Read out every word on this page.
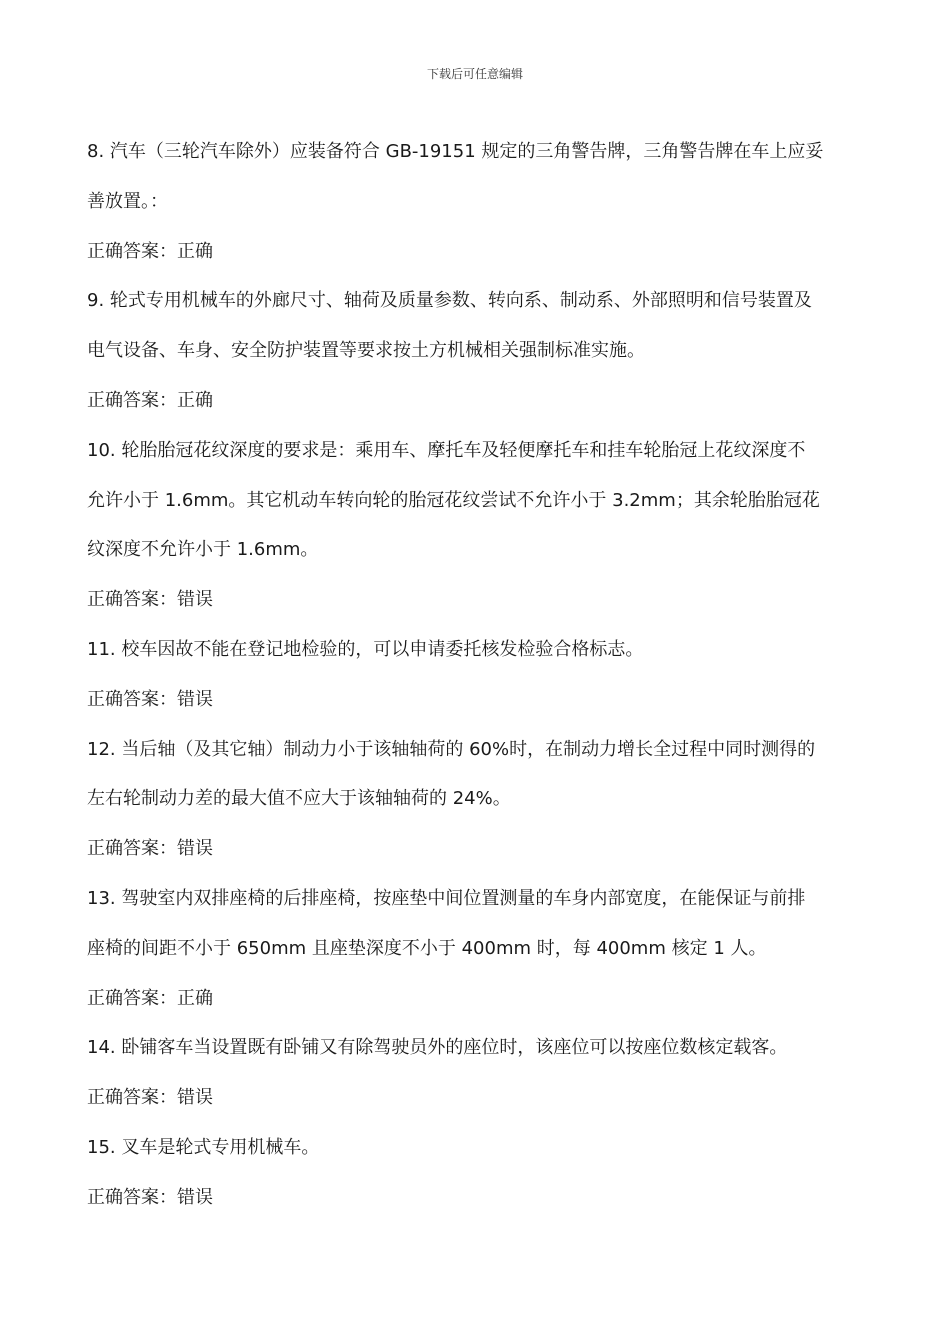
下载后可任意编辑
8. 汽车（三轮汽车除外）应装备符合 GB-19151 规定的三角警告牌，三角警告牌在车上应妥
善放置。：
正确答案：正确
9. 轮式专用机械车的外廊尺寸、轴荷及质量参数、转向系、制动系、外部照明和信号装置及
电气设备、车身、安全防护装置等要求按土方机械相关强制标准实施。
正确答案：正确
10. 轮胎胎冠花纹深度的要求是：乘用车、摩托车及轻便摩托车和挂车轮胎冠上花纹深度不
允许小于 1.6mm。其它机动车转向轮的胎冠花纹尝试不允许小于 3.2mm；其余轮胎胎冠花
纹深度不允许小于 1.6mm。
正确答案：错误
11. 校车因故不能在登记地检验的，可以申请委托核发检验合格标志。
正确答案：错误
12. 当后轴（及其它轴）制动力小于该轴轴荷的 60%时，在制动力增长全过程中同时测得的
左右轮制动力差的最大值不应大于该轴轴荷的 24%。
正确答案：错误
13. 驾驶室内双排座椅的后排座椅，按座垫中间位置测量的车身内部宽度，在能保证与前排
座椅的间距不小于 650mm 且座垫深度不小于 400mm 时，每 400mm 核定 1 人。
正确答案：正确
14. 卧铺客车当设置既有卧铺又有除驾驶员外的座位时，该座位可以按座位数核定载客。
正确答案：错误
15. 叉车是轮式专用机械车。
正确答案：错误
